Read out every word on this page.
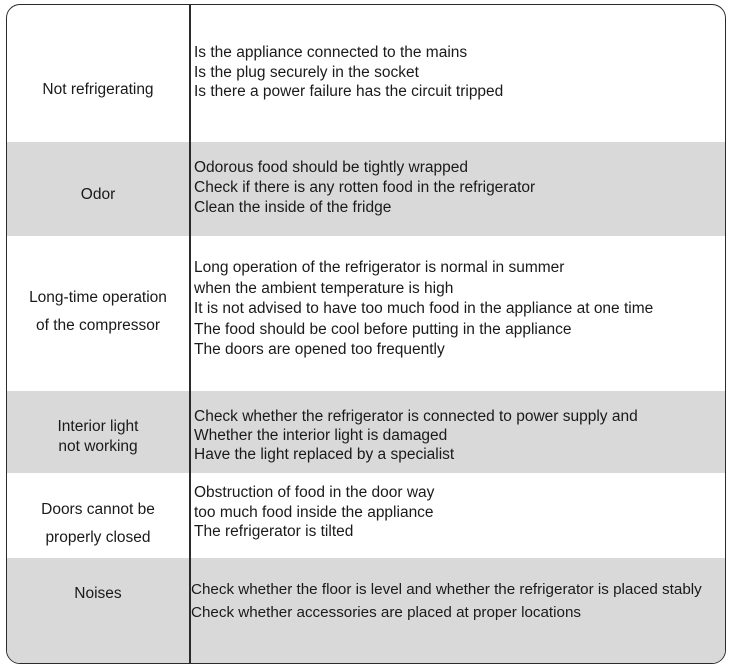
Not refrigerating
Is the appliance connected to the mains
Is the plug securely in the socket
Is there a power failure has the circuit tripped
Odor
Odorous food should be tightly wrapped
Check if there is any rotten food in the refrigerator
Clean the inside of the fridge
Long-time operation
of the compressor
Long operation of the refrigerator is normal in summer
when the ambient temperature is high
It is not advised to have too much food in the appliance at one time
The food should be cool before putting in the appliance
The doors are opened too frequently
Interior light
not working
Check whether the refrigerator is connected to power supply and
Whether the interior light is damaged
Have the light replaced by a specialist
Doors cannot be
properly closed
Obstruction of food in the door way
too much food inside the appliance
The refrigerator is tilted
Noises	Check whether the floor is level and whether the refrigerator is placed stably
Check whether accessories are placed at proper locations
